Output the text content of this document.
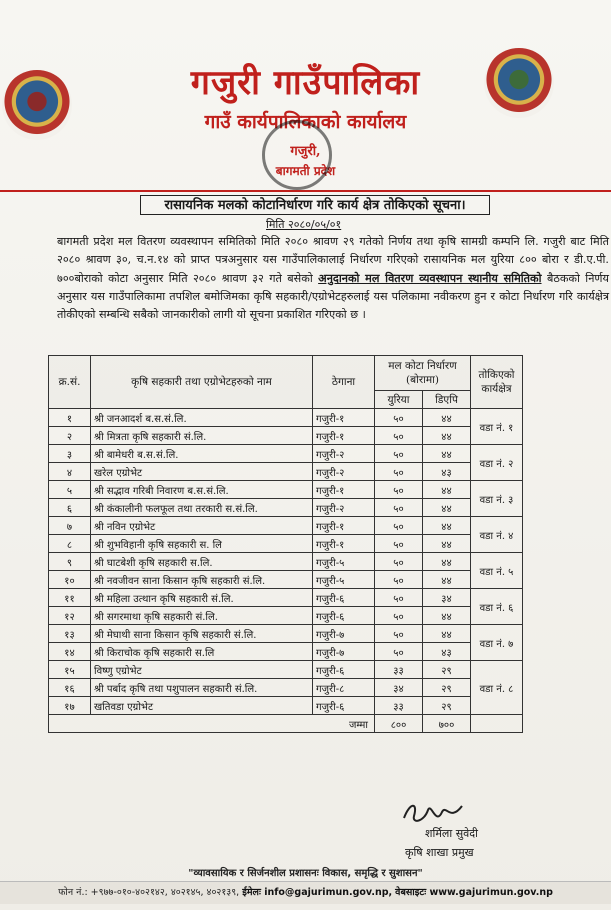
गजुरी गाउँपालिका
गाउँ कार्यपालिकाको कार्यालय
गजुरी,
बागमती प्रदेश
रासायनिक मलको कोटानिर्धारण गरि कार्य क्षेत्र तोकिएको सूचना।
मिति २०८०/०५/०१
बागमती प्रदेश मल वितरण व्यवस्थापन समितिको मिति २०८० श्रावण २९ गतेको निर्णय तथा कृषि सामग्री कम्पनि लि. गजुरी बाट मिति २०८० श्रावण ३०, च.न.१४ को प्राप्त पत्रअनुसार यस गाउँपालिकालाई निर्धारण गरिएको रासायनिक मल युरिया ८०० बोरा र डी.ए.पी. ७००बोराको कोटा अनुसार मिति २०८० श्रावण ३२ गते बसेको अनुदानको मल वितरण व्यवस्थापन स्थानीय समितिको बैठकको निर्णय अनुसार यस गाउँपालिकामा तपशिल बमोजिमका कृषि सहकारी/एग्रोभेटहरुलाई यस पलिकामा नवीकरण हुन र कोटा निर्धारण गरि कार्यक्षेत्र तोकीएको सम्बन्धि सबैको जानकारीको लागी यो सूचना प्रकाशित गरिएको छ ।
क्र.सं.	कृषि सहकारी तथा एग्रोभेटहरुको नाम	ठेगाना	मल कोटा निर्धारण (बोरामा)		तोकिएको कार्यक्षेत्र
			युरिया	डिएपि	
१	श्री जनआदर्श ब.स.सं.लि.	गजुरी-१	५०	४४	वडा नं. १
२	श्री मित्रता कृषि सहकारी सं.लि.	गजुरी-१	५०	४४	
३	श्री बामेधरी ब.स.सं.लि.	गजुरी-२	५०	४४	वडा नं. २
४	खरेल एग्रोभेट	गजुरी-२	५०	४३	
५	श्री सद्भाव गरिबी निवारण ब.स.सं.लि.	गजुरी-१	५०	४४	वडा नं. ३
६	श्री कंकालीनी फलफूल तथा तरकारी स.सं.लि.	गजुरी-२	५०	४४	
७	श्री नविन एग्रोभेट	गजुरी-१	५०	४४	वडा नं. ४
८	श्री शुभविहानी कृषि सहकारी स. लि	गजुरी-१	५०	४४	
९	श्री घाटबेशी कृषि सहकारी स.लि.	गजुरी-५	५०	४४	वडा नं. ५
१०	श्री नवजीवन साना किसान कृषि सहकारी सं.लि.	गजुरी-५	५०	४४	
११	श्री महिला उत्थान कृषि सहकारी सं.लि.	गजुरी-६	५०	३४	वडा नं. ६
१२	श्री सगरमाथा कृषि सहकारी सं.लि.	गजुरी-६	५०	४४	
१३	श्री मेघाथी साना किसान कृषि सहकारी सं.लि.	गजुरी-७	५०	४४	वडा नं. ७
१४	श्री किराचोक कृषि सहकारी स.लि	गजुरी-७	५०	४३	
१५	विष्णु एग्रोभेट	गजुरी-६	३३	२९	वडा नं. ८
१६	श्री पर्बाद कृषि तथा पशुपालन सहकारी सं.लि.	गजुरी-८	३४	२९	
१७	खतिवडा एग्रोभेट	गजुरी-६	३३	२९	
जम्मा			८००	७००	
शर्मिला सुवेदी
कृषि शाखा प्रमुख
"व्यावसायिक र सिर्जनशील प्रशासनः विकास, समृद्धि र सुशासन"
फोन नं.: +९७७-०१०-४०२१४२, ४०२१४५, ४०२१३९, ईमेलः info@gajurimun.gov.np, वेबसाइटः www.gajurimun.gov.np
